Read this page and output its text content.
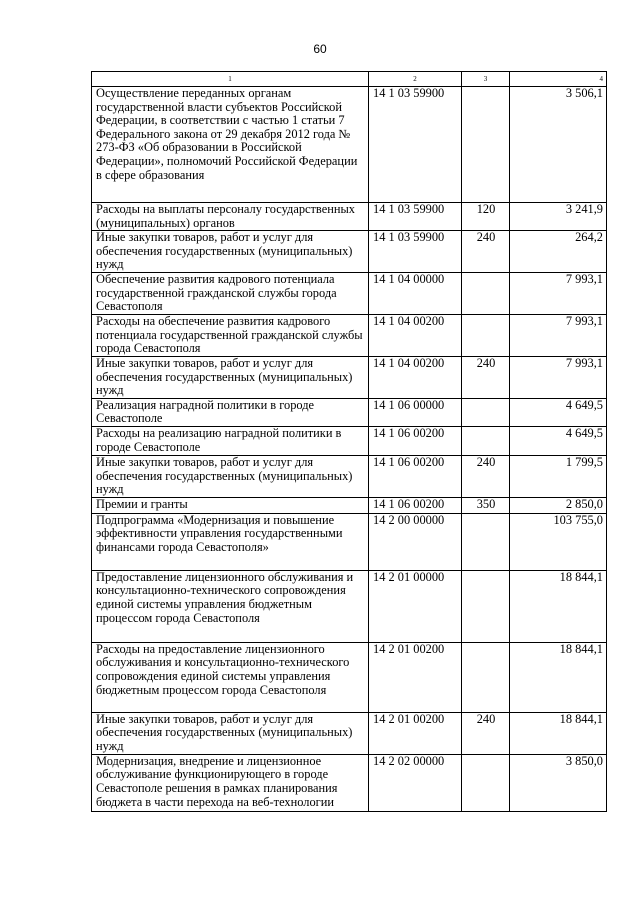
60
1	2	3	4
Осуществление переданных органам государственной власти субъектов Российской Федерации, в соответствии с частью 1 статьи 7 Федерального закона от 29 декабря 2012 года № 273-ФЗ «Об образовании в Российской Федерации», полномочий Российской Федерации в сфере образования	14 1 03 59900		3 506,1
Расходы на выплаты персоналу государственных (муниципальных) органов	14 1 03 59900	120	3 241,9
Иные закупки товаров, работ и услуг для обеспечения государственных (муниципальных) нужд	14 1 03 59900	240	264,2
Обеспечение развития кадрового потенциала государственной гражданской службы города Севастополя	14 1 04 00000		7 993,1
Расходы на обеспечение развития кадрового потенциала государственной гражданской службы города Севастополя	14 1 04 00200		7 993,1
Иные закупки товаров, работ и услуг для обеспечения государственных (муниципальных) нужд	14 1 04 00200	240	7 993,1
Реализация наградной политики в городе Севастополе	14 1 06 00000		4 649,5
Расходы на реализацию наградной политики в городе Севастополе	14 1 06 00200		4 649,5
Иные закупки товаров, работ и услуг для обеспечения государственных (муниципальных) нужд	14 1 06 00200	240	1 799,5
Премии и гранты	14 1 06 00200	350	2 850,0
Подпрограмма «Модернизация и повышение эффективности управления государственными финансами города Севастополя»	14 2 00 00000		103 755,0
Предоставление лицензионного обслуживания и консультационно-технического сопровождения единой системы управления бюджетным процессом города Севастополя	14 2 01 00000		18 844,1
Расходы на предоставление лицензионного обслуживания и консультационно-технического сопровождения единой системы управления бюджетным процессом города Севастополя	14 2 01 00200		18 844,1
Иные закупки товаров, работ и услуг для обеспечения государственных (муниципальных) нужд	14 2 01 00200	240	18 844,1
Модернизация, внедрение и лицензионное обслуживание функционирующего в городе Севастополе решения в рамках планирования бюджета в части перехода на веб-технологии	14 2 02 00000		3 850,0
